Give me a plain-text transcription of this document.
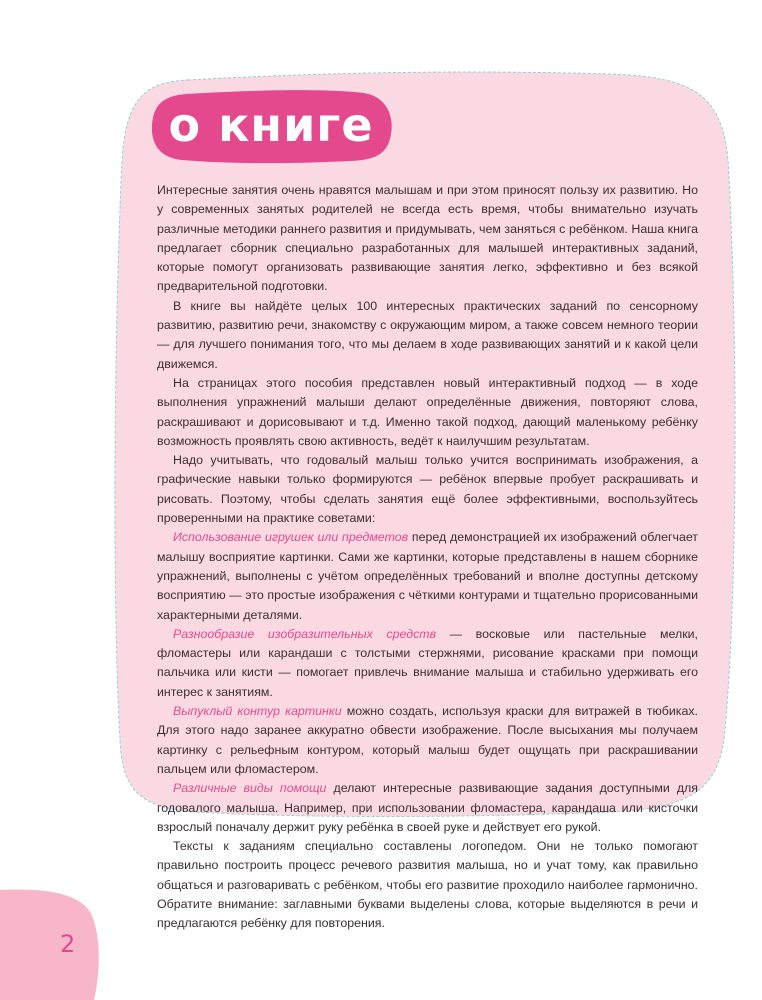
о книге

Интересные занятия очень нравятся малышам и при этом приносят пользу их развитию. Но у современных занятых родителей не всегда есть время, чтобы внимательно изучать различные методики раннего развития и придумывать, чем заняться с ребёнком. Наша книга предлагает сборник специально разработанных для малышей интерактивных заданий, которые помогут организовать развивающие занятия легко, эффективно и без всякой предварительной подготовки.

В книге вы найдёте целых 100 интересных практических заданий по сенсорному развитию, развитию речи, знакомству с окружающим миром, а также совсем немного теории — для лучшего понимания того, что мы делаем в ходе развивающих занятий и к какой цели движемся.

На страницах этого пособия представлен новый интерактивный подход — в ходе выполнения упражнений малыши делают определённые движения, повторяют слова, раскрашивают и дорисовывают и т.д. Именно такой подход, дающий маленькому ребёнку возможность проявлять свою активность, ведёт к наилучшим результатам.

Надо учитывать, что годовалый малыш только учится воспринимать изображения, а графические навыки только формируются — ребёнок впервые пробует раскрашивать и рисовать. Поэтому, чтобы сделать занятия ещё более эффективными, воспользуйтесь проверенными на практике советами:

Использование игрушек или предметов перед демонстрацией их изображений облегчает малышу восприятие картинки. Сами же картинки, которые представлены в нашем сборнике упражнений, выполнены с учётом определённых требований и вполне доступны детскому восприятию — это простые изображения с чёткими контурами и тщательно прорисованными характерными деталями.

Разнообразие изобразительных средств — восковые или пастельные мелки, фломастеры или карандаши с толстыми стержнями, рисование красками при помощи пальчика или кисти — помогает привлечь внимание малыша и стабильно удерживать его интерес к занятиям.

Выпуклый контур картинки можно создать, используя краски для витражей в тюбиках. Для этого надо заранее аккуратно обвести изображение. После высыхания мы получаем картинку с рельефным контуром, который малыш будет ощущать при раскрашивании пальцем или фломастером.

Различные виды помощи делают интересные развивающие задания доступными для годовалого малыша. Например, при использовании фломастера, карандаша или кисточки взрослый поначалу держит руку ребёнка в своей руке и действует его рукой.

Тексты к заданиям специально составлены логопедом. Они не только помогают правильно построить процесс речевого развития малыша, но и учат тому, как правильно общаться и разговаривать с ребёнком, чтобы его развитие проходило наиболее гармонично. Обратите внимание: заглавными буквами выделены слова, которые выделяются в речи и предлагаются ребёнку для повторения.

2
